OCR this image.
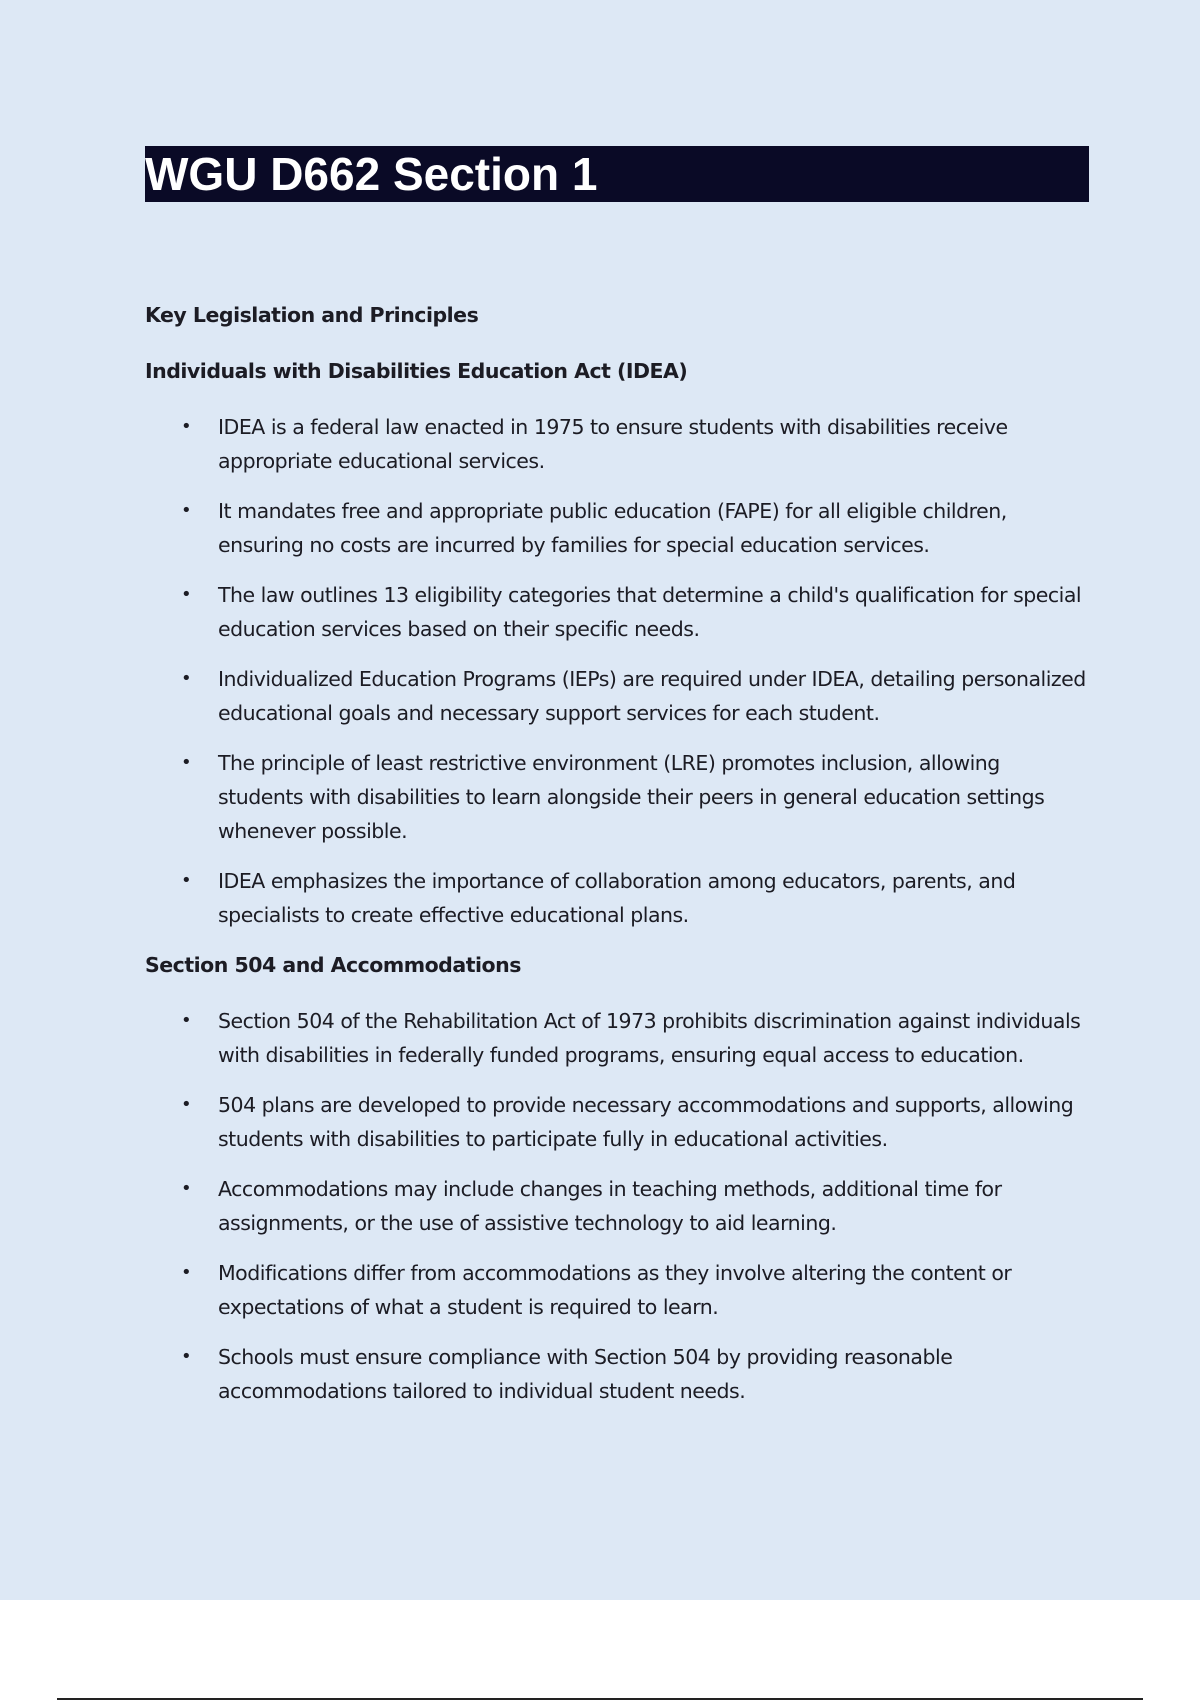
WGU D662 Section 1
Key Legislation and Principles
Individuals with Disabilities Education Act (IDEA)
• IDEA is a federal law enacted in 1975 to ensure students with disabilities receive appropriate educational services.
• It mandates free and appropriate public education (FAPE) for all eligible children, ensuring no costs are incurred by families for special education services.
• The law outlines 13 eligibility categories that determine a child's qualification for special education services based on their specific needs.
• Individualized Education Programs (IEPs) are required under IDEA, detailing personalized educational goals and necessary support services for each student.
• The principle of least restrictive environment (LRE) promotes inclusion, allowing students with disabilities to learn alongside their peers in general education settings whenever possible.
• IDEA emphasizes the importance of collaboration among educators, parents, and specialists to create effective educational plans.
Section 504 and Accommodations
• Section 504 of the Rehabilitation Act of 1973 prohibits discrimination against individuals with disabilities in federally funded programs, ensuring equal access to education.
• 504 plans are developed to provide necessary accommodations and supports, allowing students with disabilities to participate fully in educational activities.
• Accommodations may include changes in teaching methods, additional time for assignments, or the use of assistive technology to aid learning.
• Modifications differ from accommodations as they involve altering the content or expectations of what a student is required to learn.
• Schools must ensure compliance with Section 504 by providing reasonable accommodations tailored to individual student needs.
